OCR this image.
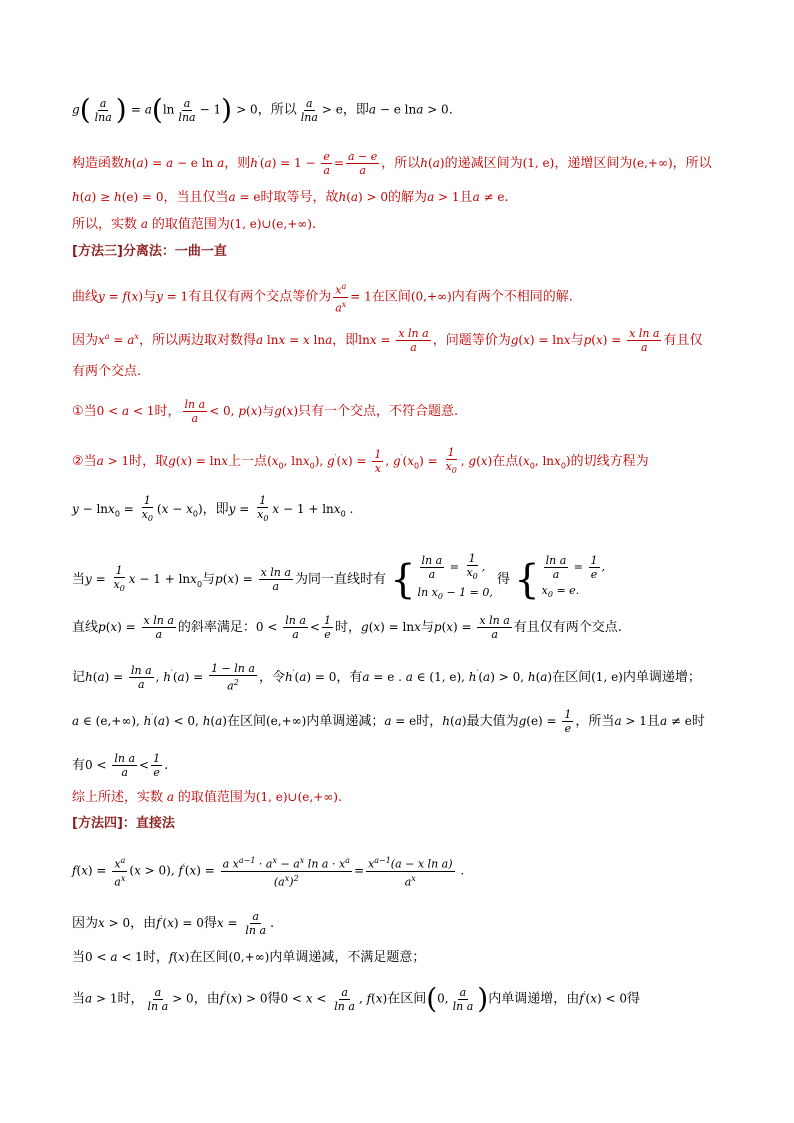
$g( \frac{a}{\ln a}$ ) = $a(\ln \frac{a}{\ln a} - 1) > 0$，所以 $\frac{a}{\ln a} > e$，即a − e lna > 0.
构造函数h(a) = a − e ln a，则$h'(a) = 1 - \frac{e}{a} = \frac{a - e}{a}$ ，所以h(a)的递减区间为(1, e)，递增区间为(e,+∞)，所以
h(a) ≥ h(e) = 0，当且仅当a = e时取等号，故h(a) > 0的解为a > 1且a ≠ e.
所以，实数 a 的取值范围为(1, e)∪(e,+∞).
[方法三]分离法：一曲一直
曲线y = f(x)与y = 1有且仅有两个交点等价为 $\frac{x^a}{a^x} = 1$在区间(0,+∞)内有两个不相同的解.
因为$x^a = a^x$，所以两边取对数得a lnx = x lna，即$\ln x = \frac{\text{x ln a}}{a}$ ，问题等价为g(x) = lnx与$p(x) = \frac{\text{x ln a}}{a}$ 有且仅
有两个交点.
①当0 < a < 1时， $\frac{\text{ln a}}{a} < 0$, p(x)与g(x)只有一个交点，不符合题意.
②当a > 1时，取g(x) = lnx上一点($x_0$, lnx$_0$), $g'(x) = \frac{1}{x}$ , $g'(x_0) = \frac{1}{x_0}$ , g(x)在点($x_0$, lnx$_0$)的切线方程为
$y - \ln x_0 = \frac{1}{x_0} (x - x_0)$，即$y = \frac{1}{x_0}$ x − 1 + lnx$_0$ .
当$y = \frac{1}{x_0}$ x − 1 + lnx$_0$与$p(x) = \frac{\text{x ln a}}{a}$ 为同一直线时有 { $\frac{\text{ln a}}{a} = \frac{1}{x_0}$ ,
$\ln x_0 - 1 = 0$,
得 { $\frac{\text{ln a}}{a} = \frac{1}{e}$ ,
$x_0 = e$.
直线$p(x) = \frac{\text{x ln a}}{a}$ 的斜率满足：$0 < \frac{\text{ln a}}{a} < \frac{1}{e}$ 时，g(x) = lnx与$p(x) = \frac{\text{x ln a}}{a}$ 有且仅有两个交点.
记$h(a) = \frac{\text{ln a}}{a}$ , $h'(a) = \frac{\text{1 − ln a}}{a^2}$ ，令h′(a) = 0，有a = e . a ∈ (1, e), h′(a) > 0, h(a)在区间(1, e)内单调递增；
a ∈ (e,+∞), h′(a) < 0, h(a)在区间(e,+∞)内单调递减；a = e时，h(a)最大值为$g(e) = \frac{1}{e}$ ，所当a > 1且a ≠ e时
有$0 < \frac{\text{ln a}}{a} < \frac{1}{e}$ .
综上所述，实数 a 的取值范围为(1, e)∪(e,+∞).
[方法四]：直接法
$f(x) = \frac{x^a}{a^x} (x > 0)$, $f'(x) = \frac{a x^{a-1} \cdot a^x - a^x \ln a \cdot x^a}{(a^x)^2} = \frac{x^{a-1}(a - x \ln a)}{a^x}$ .
因为x > 0，由f′(x) = 0得$x = \frac{a}{\text{ln a}}$ .
当0 < a < 1时，f(x)在区间(0,+∞)内单调递减，不满足题意；
当a > 1时， $\frac{a}{\text{ln a}} > 0$，由f′(x) > 0得$0 < x < \frac{a}{\text{ln a}}$ , f(x)在区间(0, $\frac{a}{\text{ln a}}$ )内单调递增，由f′(x) < 0得
